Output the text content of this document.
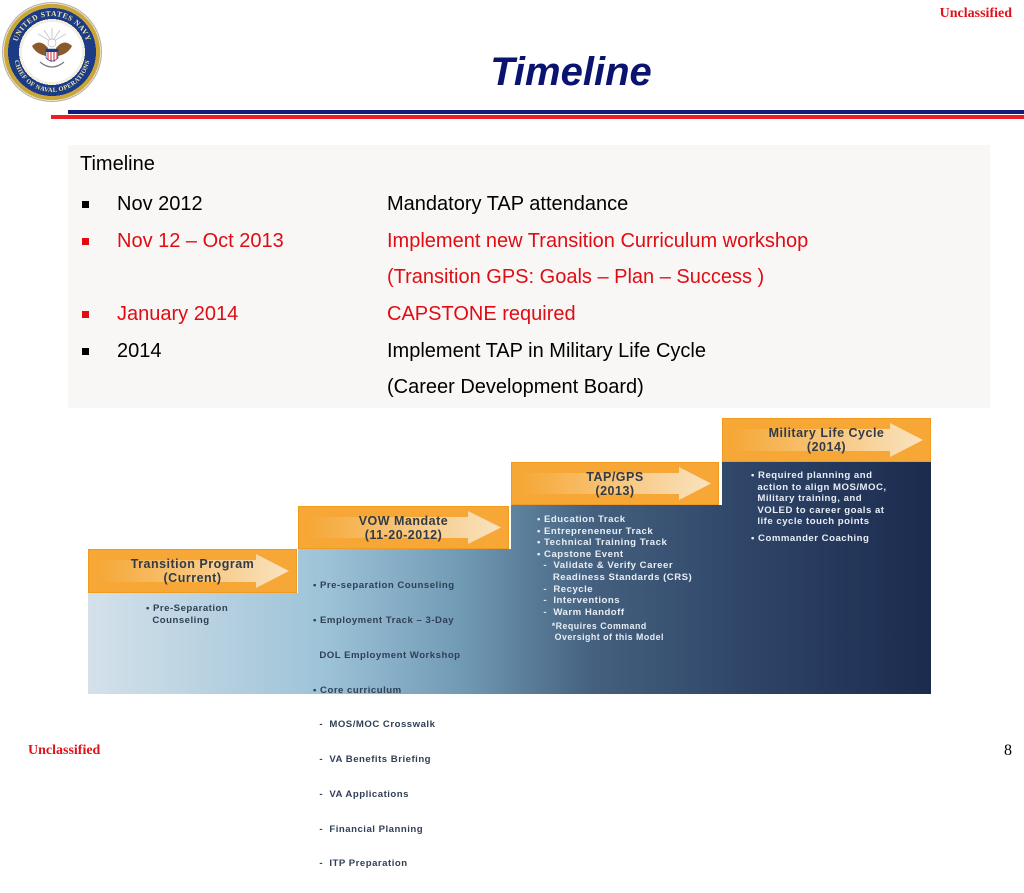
UNITED STATES NAVY
CHIEF OF NAVAL OPERATIONS
Unclassified
Timeline
Timeline
Nov 2012	Mandatory TAP attendance
Nov 12 – Oct 2013	Implement new Transition Curriculum workshop
(Transition GPS: Goals – Plan – Success )
January 2014	CAPSTONE required
2014	Implement TAP in Military Life Cycle
(Career Development Board)
Transition Program
(Current)
VOW Mandate
(11-20-2012)
TAP/GPS
(2013)
Military Life Cycle
(2014)
• Pre-Separation
Counseling

• Pre-separation Counseling

• Employment Track – 3-Day

DOL Employment Workshop

• Core curriculum

-  MOS/MOC Crosswalk

-  VA Benefits Briefing

-  VA Applications

-  Financial Planning

-  ITP Preparation

• Education Track
• Entrepreneneur Track
• Technical Training Track
• Capstone Event
-  Validate & Verify Career
Readiness Standards (CRS)
-  Recycle
-  Interventions
-  Warm Handoff
*Requires Command
Oversight of this Model
• Required planning and
action to align MOS/MOC,
Military training, and
VOLED to career goals at
life cycle touch points
• Commander Coaching
Unclassified	8
